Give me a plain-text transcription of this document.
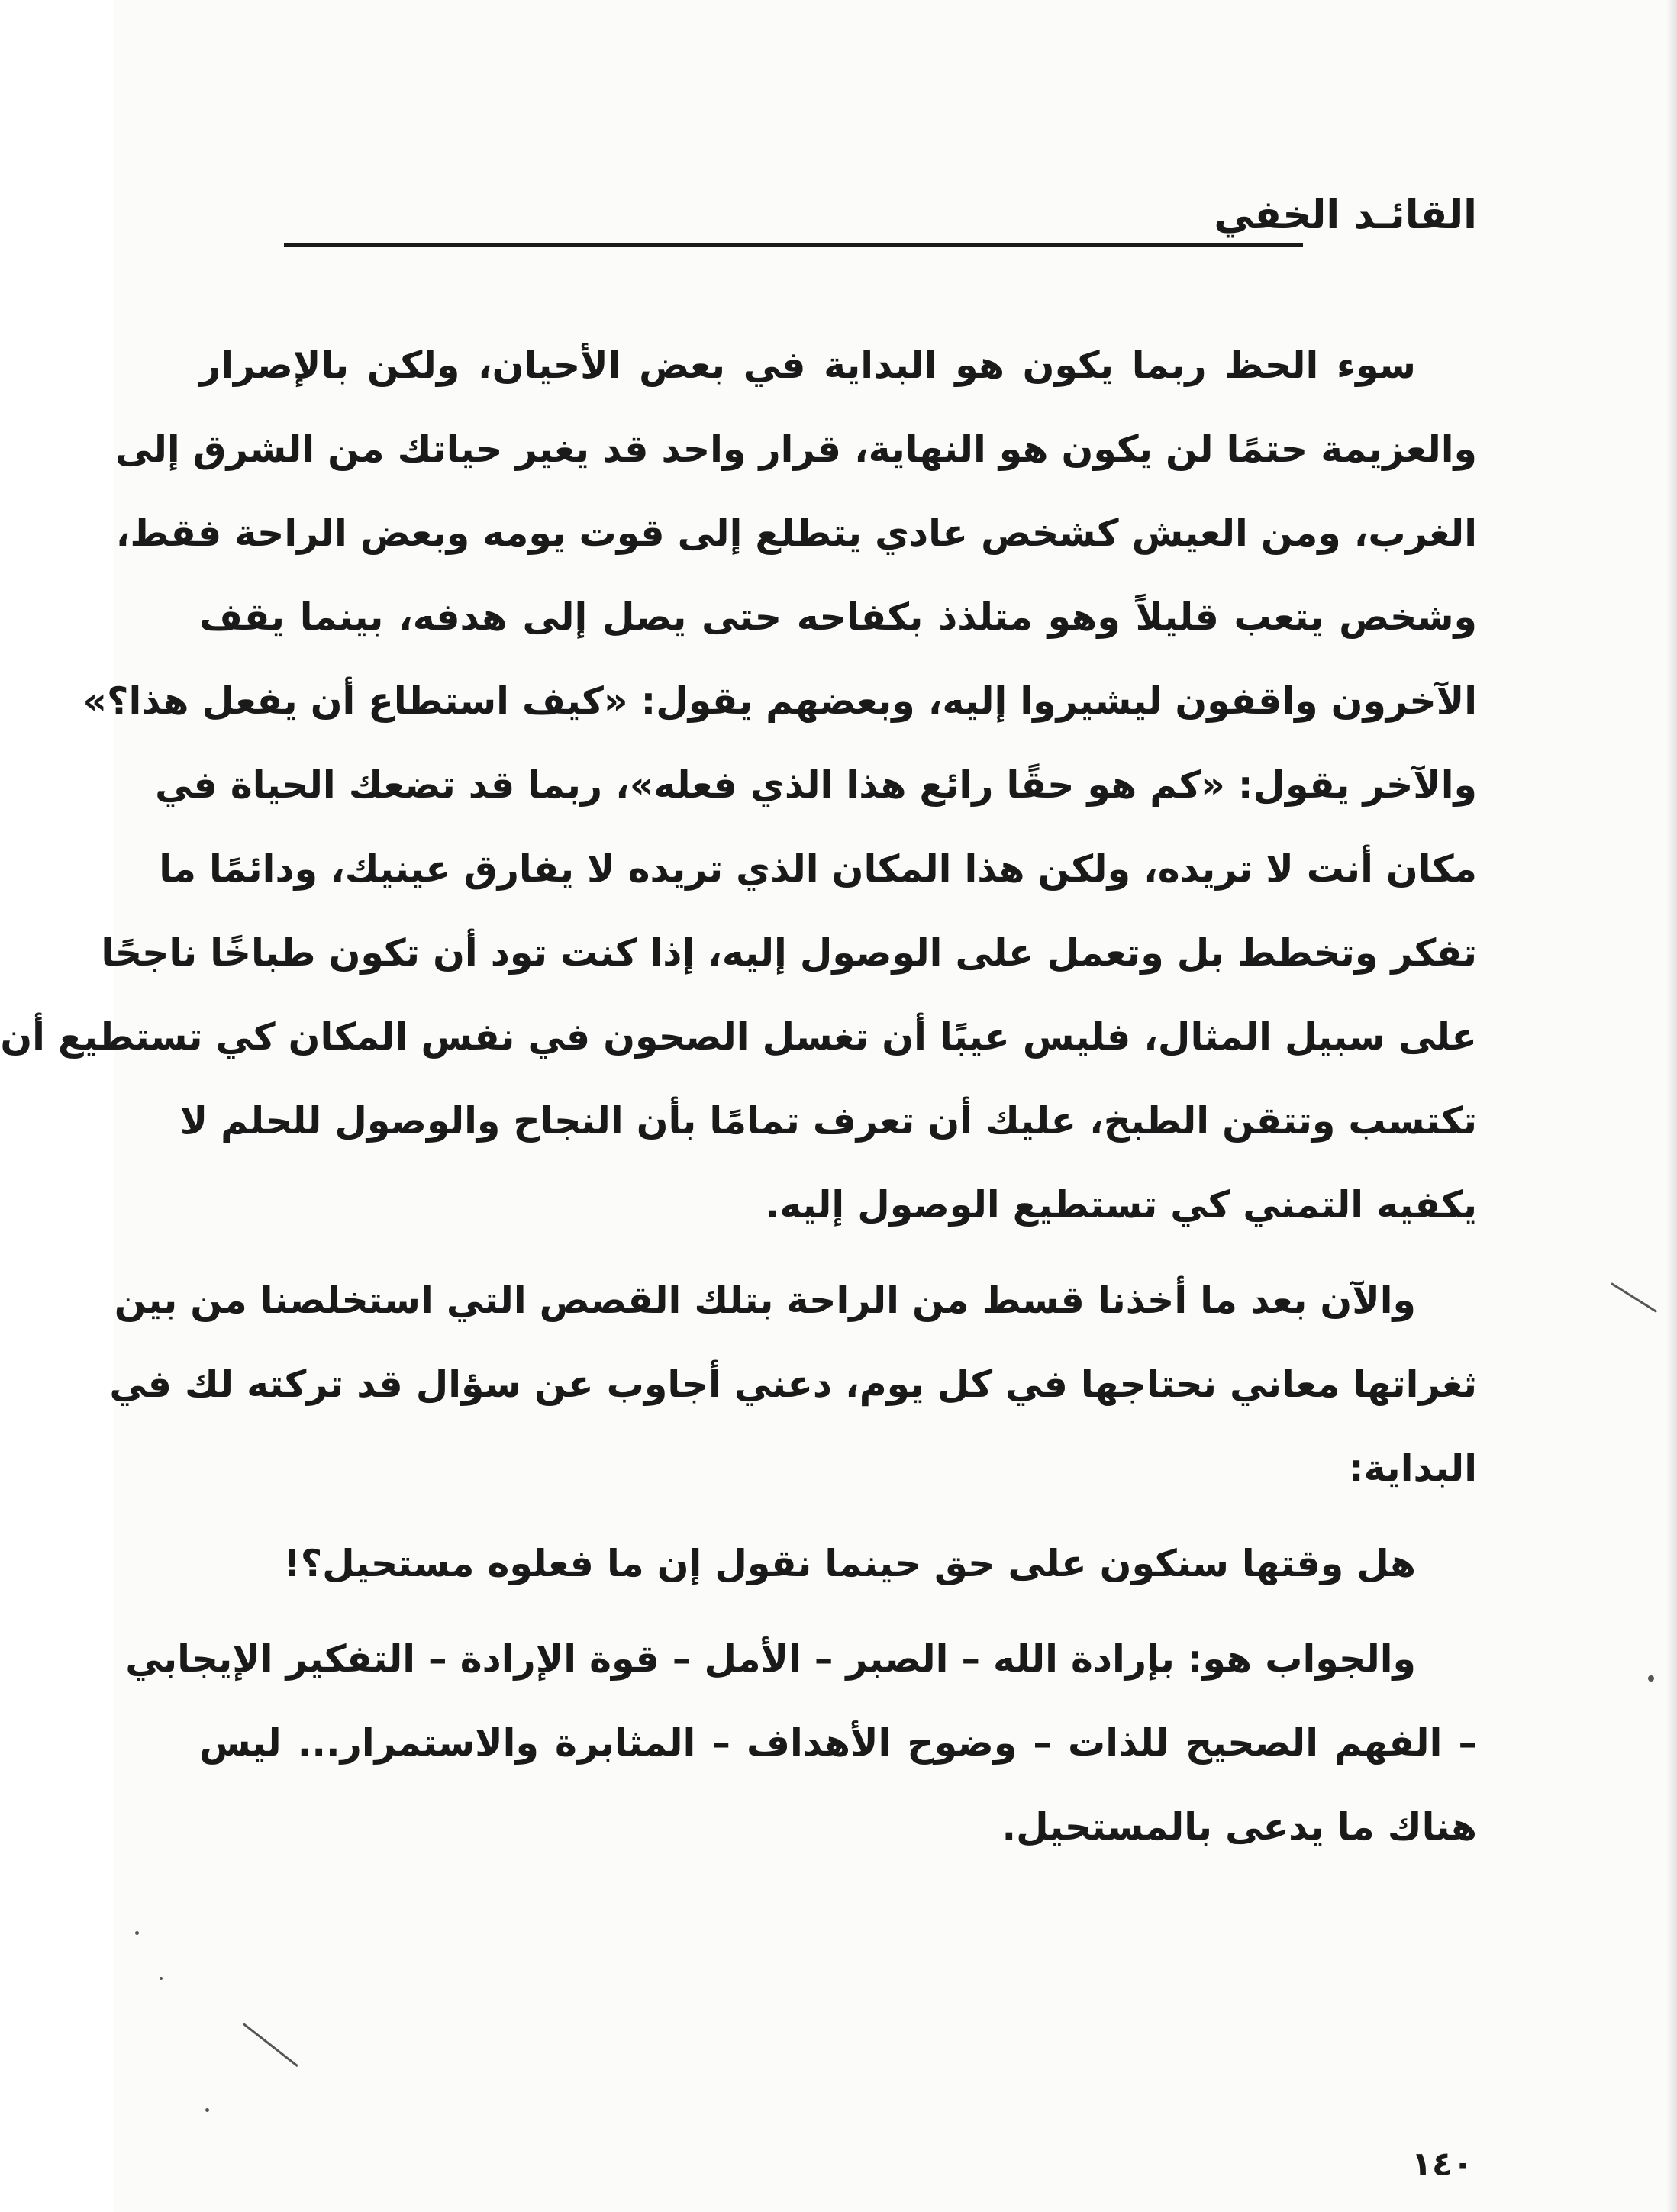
القائـد الخفي
سوء الحظ ربما يكون هو البداية في بعض الأحيان، ولكن بالإصرار
والعزيمة حتمًا لن يكون هو النهاية، قرار واحد قد يغير حياتك من الشرق إلى
الغرب، ومن العيش كشخص عادي يتطلع إلى قوت يومه وبعض الراحة فقط،
وشخص يتعب قليلاً وهو متلذذ بكفاحه حتى يصل إلى هدفه، بينما يقف
الآخرون واقفون ليشيروا إليه، وبعضهم يقول: «كيف استطاع أن يفعل هذا؟»
والآخر يقول: «كم هو حقًا رائع هذا الذي فعله»، ربما قد تضعك الحياة في
مكان أنت لا تريده، ولكن هذا المكان الذي تريده لا يفارق عينيك، ودائمًا ما
تفكر وتخطط بل وتعمل على الوصول إليه، إذا كنت تود أن تكون طباخًا ناجحًا
على سبيل المثال، فليس عيبًا أن تغسل الصحون في نفس المكان كي تستطيع أن
تكتسب وتتقن الطبخ، عليك أن تعرف تمامًا بأن النجاح والوصول للحلم لا
يكفيه التمني كي تستطيع الوصول إليه.
والآن بعد ما أخذنا قسط من الراحة بتلك القصص التي استخلصنا من بين
ثغراتها معاني نحتاجها في كل يوم، دعني أجاوب عن سؤال قد تركته لك في
البداية:
هل وقتها سنكون على حق حينما نقول إن ما فعلوه مستحيل؟!
والجواب هو: بإرادة الله – الصبر – الأمل – قوة الإرادة – التفكير الإيجابي
– الفهم الصحيح للذات – وضوح الأهداف – المثابرة والاستمرار... ليس
هناك ما يدعى بالمستحيل.
١٤٠
